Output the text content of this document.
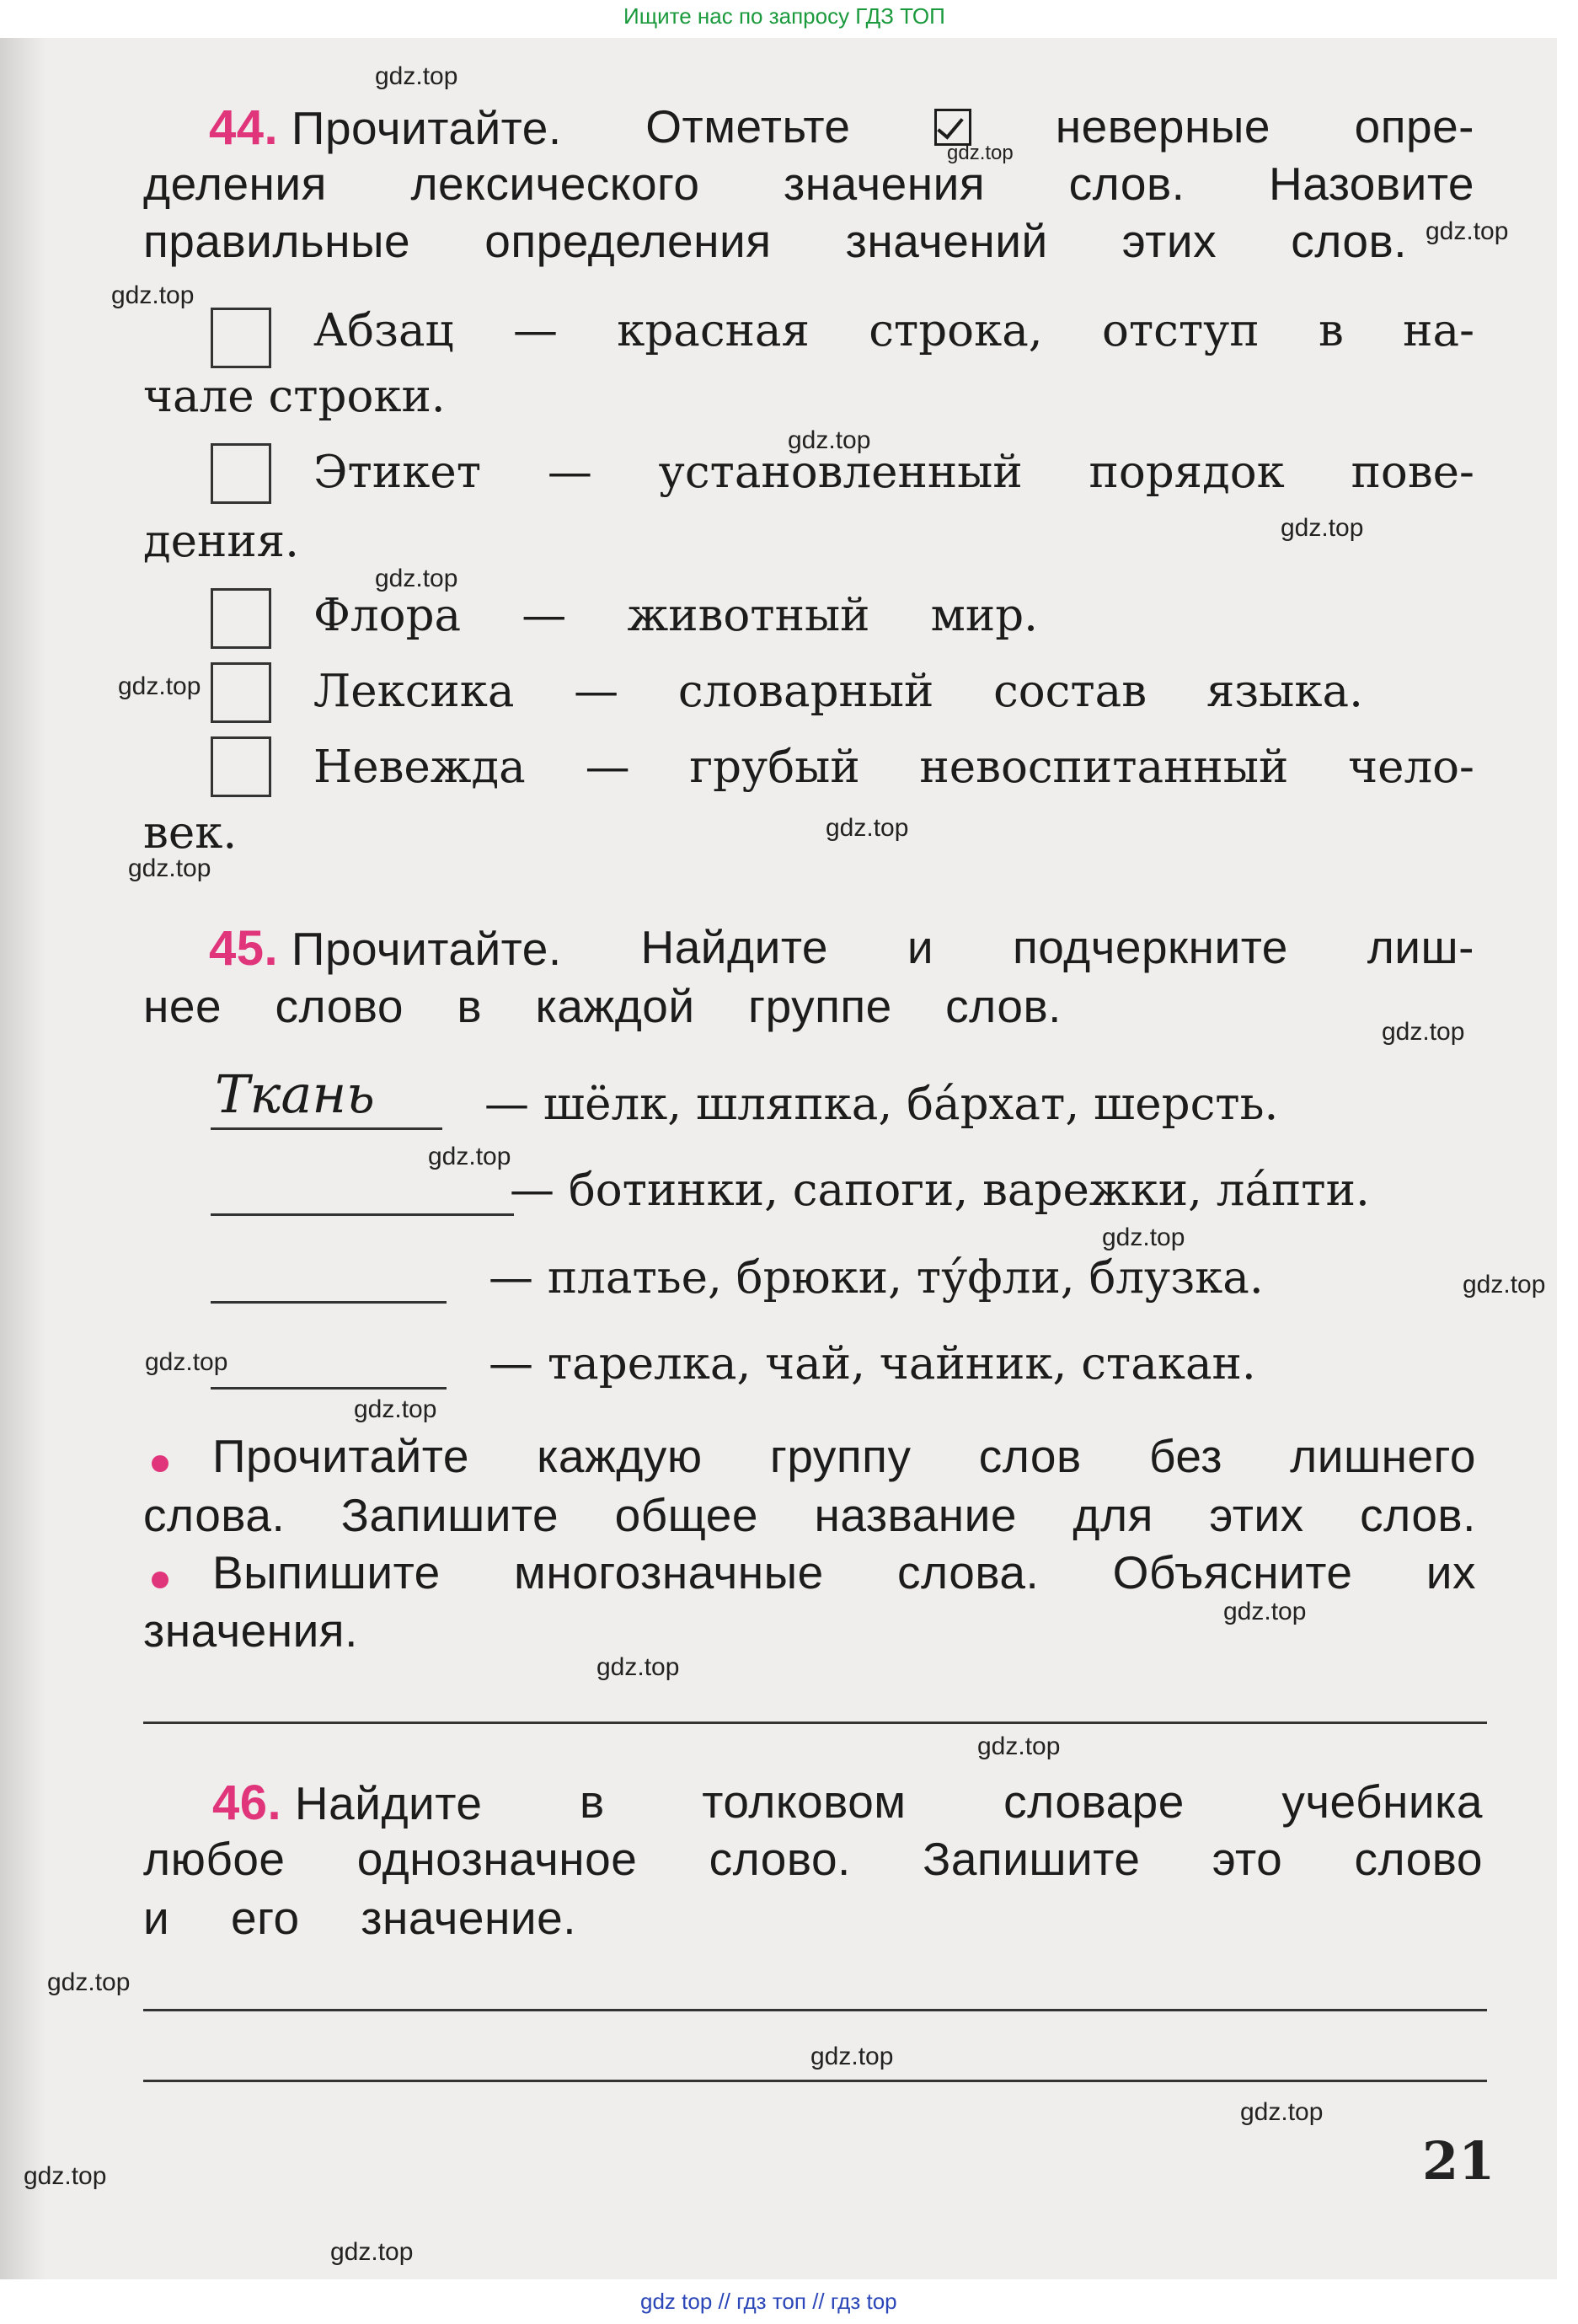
Ищите нас по запросу ГДЗ ТОП
gdz top // гдз топ // гдз top
44. Прочитайте. Отметьте	неверные опре-
деления лексического значения слов. Назовите
правильные определения значений этих слов.
Абзац — красная строка, отступ в на-
чале строки.
Этикет — установленный порядок пове-
дения.
Флора — животный мир.
Лексика — словарный состав языка.
Невежда — грубый невоспитанный чело-
век.
45. Прочитайте. Найдите и подчеркните лиш-
нее слово в каждой группе слов.
Ткань — шёлк, шляпка, ба́рхат, шерсть.
— ботинки, сапоги, варежки, ла́пти.
— платье, брюки, ту́фли, блузка.
— тарелка, чай, чайник, стакан.
Прочитайте каждую группу слов без лишнего
слова. Запишите общее название для этих слов.
Выпишите многозначные слова. Объясните их
значения.
46. Найдите в толковом словаре учебника
любое однозначное слово. Запишите это слово
и его значение.
21
gdz.top
gdz.top
gdz.top
gdz.top
gdz.top
gdz.top
gdz.top
gdz.top
gdz.top
gdz.top
gdz.top
gdz.top
gdz.top
gdz.top
gdz.top
gdz.top
gdz.top
gdz.top
gdz.top
gdz.top
gdz.top
gdz.top
gdz.top
gdz.top
